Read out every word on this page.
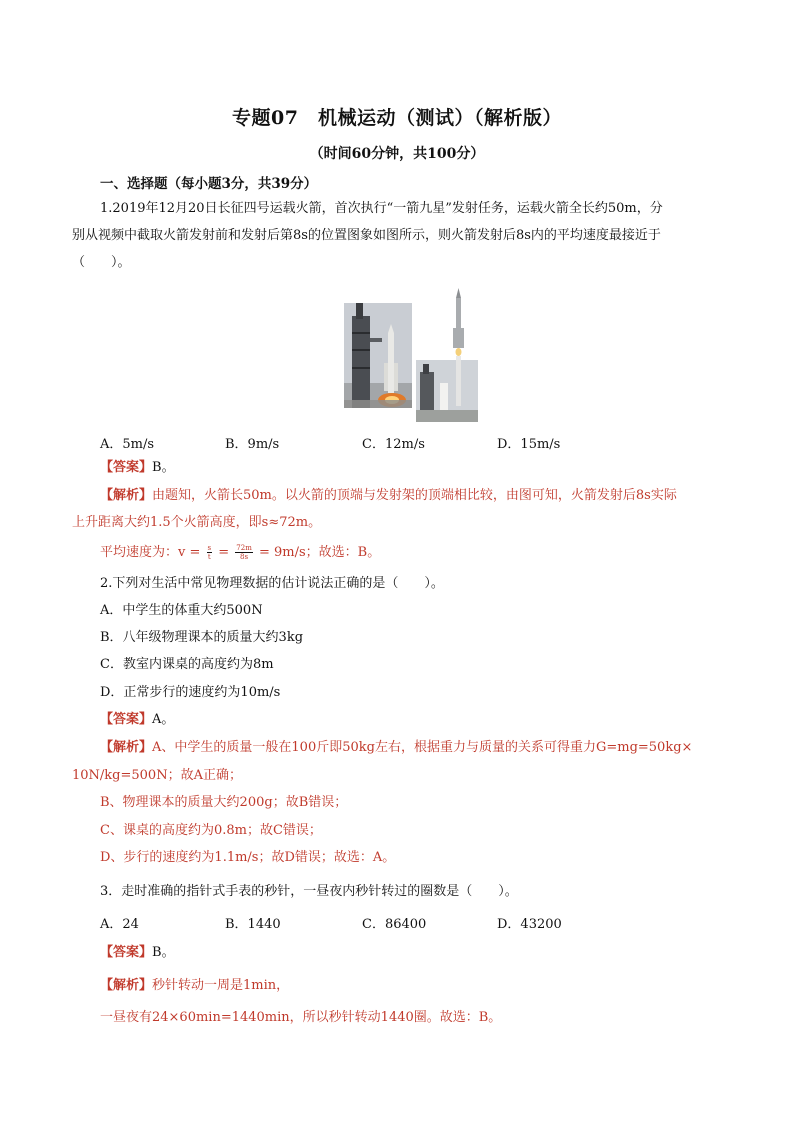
专题07　机械运动（测试）（解析版）
（时间60分钟，共100分）
一、选择题（每小题3分，共39分）
1.2019年12月20日长征四号运载火箭，首次执行“一箭九星”发射任务，运载火箭全长约50m，分
别从视频中截取火箭发射前和发射后第8s的位置图象如图所示，则火箭发射后8s内的平均速度最接近于
（　　）。
A．5m/s	B．9m/s	C．12m/s	D．15m/s
【答案】B。
【解析】由题知，火箭长50m。以火箭的顶端与发射架的顶端相比较，由图可知，火箭发射后8s实际
上升距离大约1.5个火箭高度，即s≈72m。
平均速度为：$v = \frac{s}{t} = \frac{72m}{8s} = 9m/s$；故选：B。
2.下列对生活中常见物理数据的估计说法正确的是（　　）。
A．中学生的体重大约500N
B．八年级物理课本的质量大约3kg
C．教室内课桌的高度约为8m
D．正常步行的速度约为10m/s
【答案】A。
【解析】A、中学生的质量一般在100斤即50kg左右，根据重力与质量的关系可得重力G=mg=50kg×
10N/kg=500N；故A正确；
B、物理课本的质量大约200g；故B错误；
C、课桌的高度约为0.8m；故C错误；
D、步行的速度约为1.1m/s；故D错误；故选：A。
3．走时准确的指针式手表的秒针，一昼夜内秒针转过的圈数是（　　）。
A．24	B．1440	C．86400	D．43200
【答案】B。
【解析】秒针转动一周是1min，
一昼夜有24×60min=1440min，所以秒针转动1440圈。故选：B。
